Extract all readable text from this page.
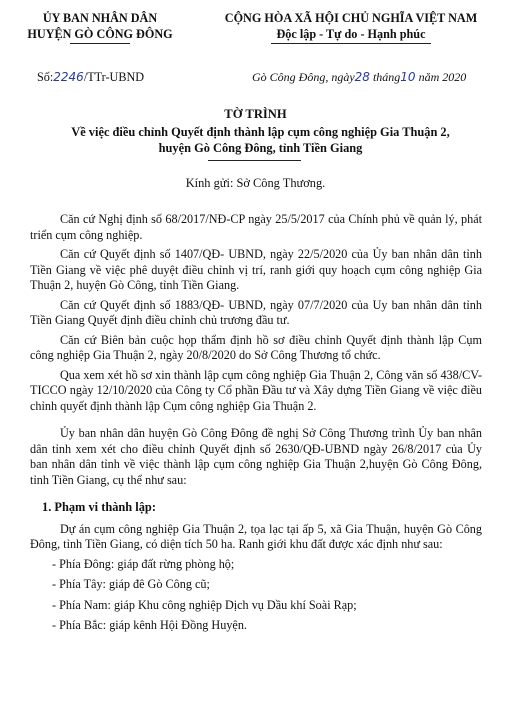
ỦY BAN NHÂN DÂN
HUYỆN GÒ CÔNG ĐÔNG
CỘNG HÒA XÃ HỘI CHỦ NGHĨA VIỆT NAM
Độc lập - Tự do - Hạnh phúc
Số:2246/TTr-UBND	Gò Công Đông, ngày28 tháng10 năm 2020
TỜ TRÌNH
Về việc điều chỉnh Quyết định thành lập cụm công nghiệp Gia Thuận 2,
huyện Gò Công Đông, tỉnh Tiền Giang
Kính gửi: Sở Công Thương.

Căn cứ Nghị định số 68/2017/NĐ-CP ngày 25/5/2017 của Chính phủ về quản lý, phát triển cụm công nghiệp.

Căn cứ Quyết định số 1407/QĐ- UBND, ngày 22/5/2020 của Ủy ban nhân dân tỉnh Tiền Giang về việc phê duyệt điều chỉnh vị trí, ranh giới quy hoạch cụm công nghiệp Gia Thuận 2, huyện Gò Công, tỉnh Tiền Giang.

Căn cứ Quyết định số 1883/QĐ- UBND, ngày 07/7/2020 của Uy ban nhân dân tỉnh Tiền Giang Quyết định điều chỉnh chủ trương đầu tư.

Căn cứ Biên bản cuộc họp thẩm định hồ sơ điều chỉnh Quyết định thành lập Cụm công nghiệp Gia Thuận 2, ngày 20/8/2020 do Sở Công Thương tổ chức.

Qua xem xét hồ sơ xin thành lập cụm công nghiệp Gia Thuận 2, Công văn số 438/CV-TICCO ngày 12/10/2020 của Công ty Cổ phần Đầu tư và Xây dựng Tiền Giang về việc điều chỉnh quyết định thành lập Cụm công nghiệp Gia Thuận 2.

Ủy ban nhân dân huyện Gò Công Đông đề nghị Sở Công Thương trình Ủy ban nhân dân tỉnh xem xét cho điều chỉnh Quyết định số 2630/QĐ-UBND ngày 26/8/2017 của Ủy ban nhân dân tỉnh về việc thành lập cụm công nghiệp Gia Thuận 2,huyện Gò Công Đông, tỉnh Tiền Giang, cụ thể như sau:

1. Phạm vi thành lập:

Dự án cụm công nghiệp Gia Thuận 2, tọa lạc tại ấp 5, xã Gia Thuận, huyện Gò Công Đông, tỉnh Tiền Giang, có diện tích 50 ha. Ranh giới khu đất được xác định như sau:

- Phía Đông: giáp đất rừng phòng hộ;

- Phía Tây: giáp đê Gò Công cũ;

- Phía Nam: giáp Khu công nghiệp Dịch vụ Dầu khí Soài Rạp;

- Phía Bắc: giáp kênh Hội Đồng Huyện.
